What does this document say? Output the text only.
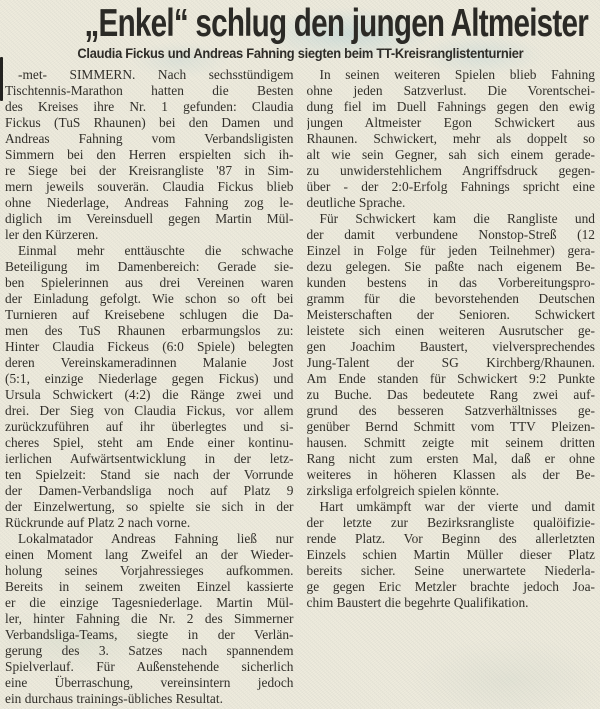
„Enkel“ schlug den jungen Altmeister
Claudia Fickus und Andreas Fahning siegten beim TT-Kreisranglistenturnier

-met- SIMMERN. Nach sechsstündigem
Tischtennis-Marathon hatten die Besten
des Kreises ihre Nr. 1 gefunden: Claudia
Fickus (TuS Rhaunen) bei den Damen und
Andreas Fahning vom Verbandsligisten
Simmern bei den Herren erspielten sich ih-
re Siege bei der Kreisrangliste '87 in Sim-
mern jeweils souverän. Claudia Fickus blieb
ohne Niederlage, Andreas Fahning zog le-
diglich im Vereinsduell gegen Martin Mül-
ler den Kürzeren.

Einmal mehr enttäuschte die schwache
Beteiligung im Damenbereich: Gerade sie-
ben Spielerinnen aus drei Vereinen waren
der Einladung gefolgt. Wie schon so oft bei
Turnieren auf Kreisebene schlugen die Da-
men des TuS Rhaunen erbarmungslos zu:
Hinter Claudia Fickeus (6:0 Spiele) belegten
deren Vereinskameradinnen Malanie Jost
(5:1, einzige Niederlage gegen Fickus) und
Ursula Schwickert (4:2) die Ränge zwei und
drei. Der Sieg von Claudia Fickus, vor allem
zurückzuführen auf ihr überlegtes und si-
cheres Spiel, steht am Ende einer kontinu-
ierlichen Aufwärtsentwicklung in der letz-
ten Spielzeit: Stand sie nach der Vorrunde
der Damen-Verbandsliga noch auf Platz 9
der Einzelwertung, so spielte sie sich in der
Rückrunde auf Platz 2 nach vorne.

Lokalmatador Andreas Fahning ließ nur
einen Moment lang Zweifel an der Wieder-
holung seines Vorjahressieges aufkommen.
Bereits in seinem zweiten Einzel kassierte
er die einzige Tagesniederlage. Martin Mül-
ler, hinter Fahning die Nr. 2 des Simmerner
Verbandsliga-Teams, siegte in der Verlän-
gerung des 3. Satzes nach spannendem
Spielverlauf. Für Außenstehende sicherlich
eine Überraschung, vereinsintern jedoch
ein durchaus trainings-übliches Resultat.

In seinen weiteren Spielen blieb Fahning
ohne jeden Satzverlust. Die Vorentschei-
dung fiel im Duell Fahnings gegen den ewig
jungen Altmeister Egon Schwickert aus
Rhaunen. Schwickert, mehr als doppelt so
alt wie sein Gegner, sah sich einem gerade-
zu unwiderstehlichem Angriffsdruck gegen-
über - der 2:0-Erfolg Fahnings spricht eine
deutliche Sprache.

Für Schwickert kam die Rangliste und
der damit verbundene Nonstop-Streß (12
Einzel in Folge für jeden Teilnehmer) gera-
dezu gelegen. Sie paßte nach eigenem Be-
kunden bestens in das Vorbereitungspro-
gramm für die bevorstehenden Deutschen
Meisterschaften der Senioren. Schwickert
leistete sich einen weiteren Ausrutscher ge-
gen Joachim Baustert, vielversprechendes
Jung-Talent der SG Kirchberg/Rhaunen.
Am Ende standen für Schwickert 9:2 Punkte
zu Buche. Das bedeutete Rang zwei auf-
grund des besseren Satzverhältnisses ge-
genüber Bernd Schmitt vom TTV Pleizen-
hausen. Schmitt zeigte mit seinem dritten
Rang nicht zum ersten Mal, daß er ohne
weiteres in höheren Klassen als der Be-
zirksliga erfolgreich spielen könnte.

Hart umkämpft war der vierte und damit
der letzte zur Bezirksrangliste qualöifizie-
rende Platz. Vor Beginn des allerletzten
Einzels schien Martin Müller dieser Platz
bereits sicher. Seine unerwartete Niederla-
ge gegen Eric Metzler brachte jedoch Joa-
chim Baustert die begehrte Qualifikation.
